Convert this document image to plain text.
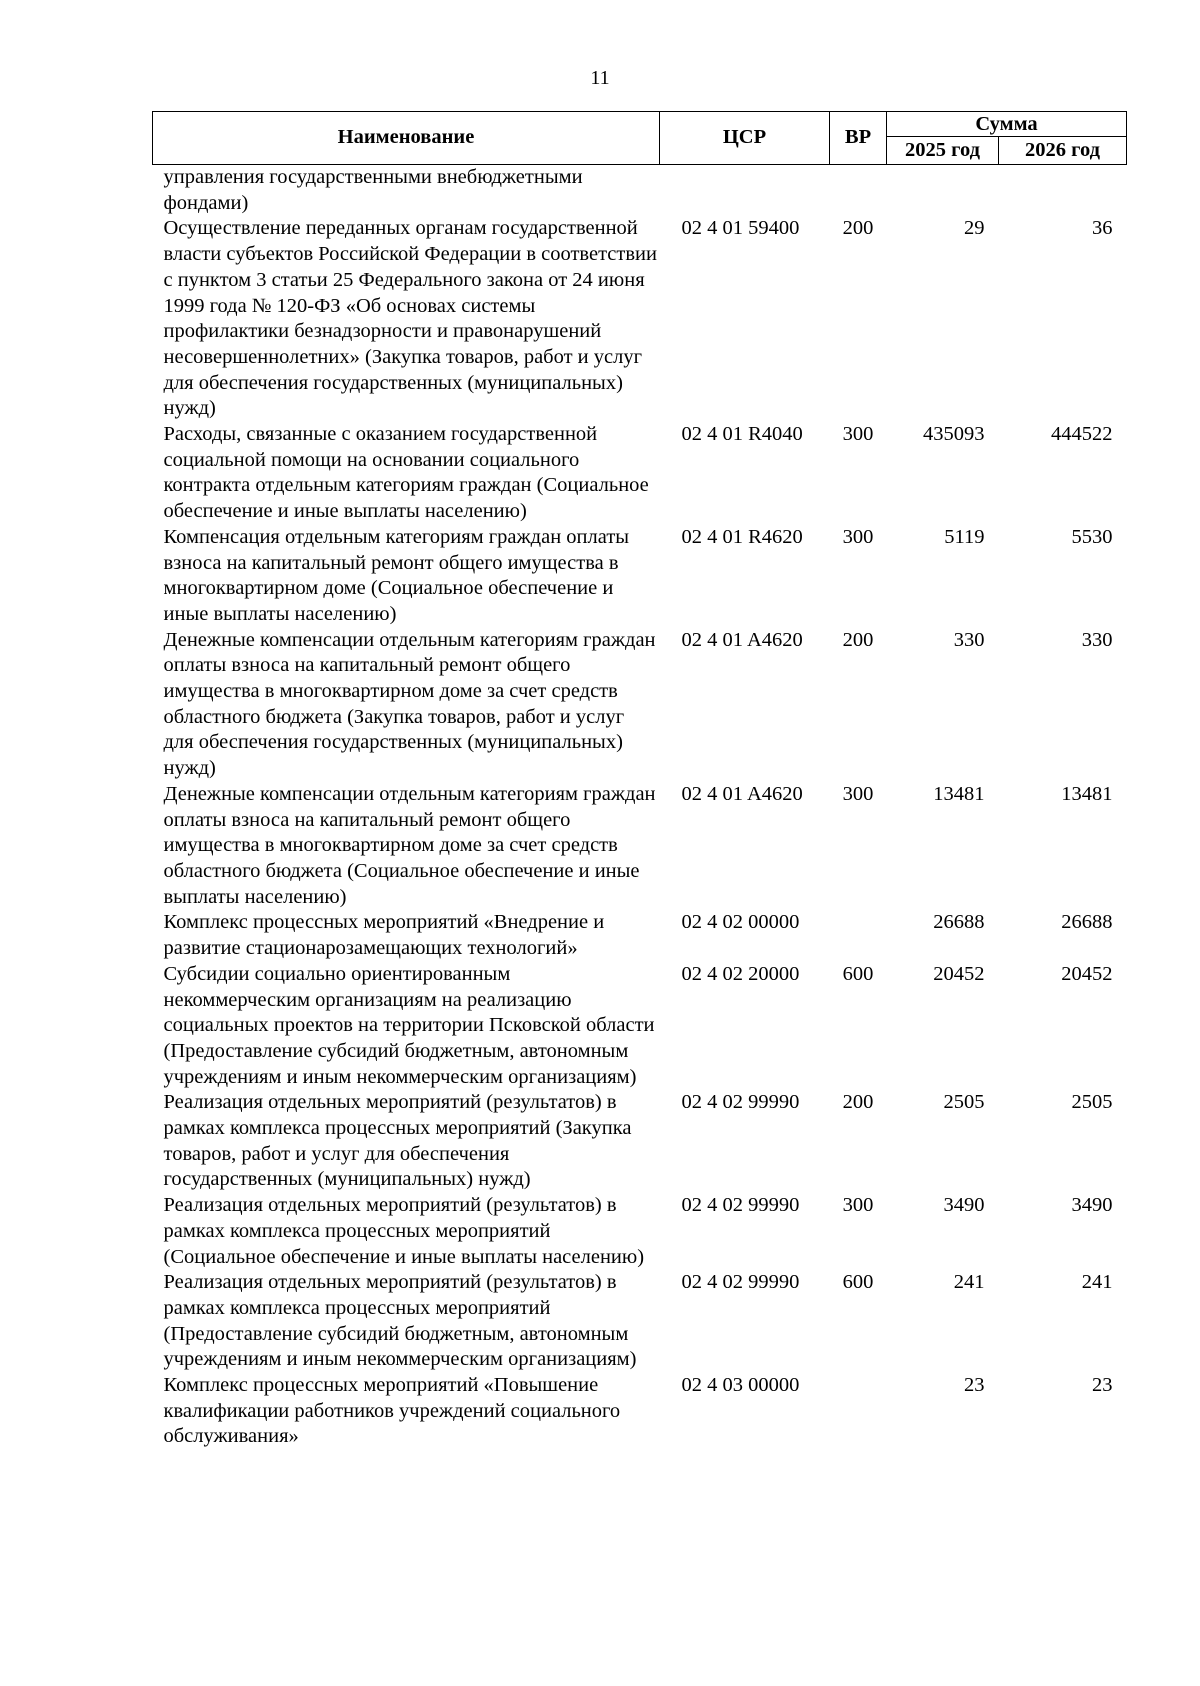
11
Наименование	ЦСР	ВР	Сумма	
			2025 год	2026 год
управления государственными внебюджетными фондами)				
Осуществление переданных органам государственной власти субъектов Российской Федерации в соответствии с пунктом 3 статьи 25 Федерального закона от 24 июня 1999 года № 120-ФЗ «Об основах системы профилактики безнадзорности и правонарушений несовершеннолетних» (Закупка товаров, работ и услуг для обеспечения государственных (муниципальных) нужд)	02 4 01 59400	200	29	36
Расходы, связанные с оказанием государственной социальной помощи на основании социального контракта отдельным категориям граждан (Социальное обеспечение и иные выплаты населению)	02 4 01 R4040	300	435093	444522
Компенсация отдельным категориям граждан оплаты взноса на капитальный ремонт общего имущества в многоквартирном доме (Социальное обеспечение и иные выплаты населению)	02 4 01 R4620	300	5119	5530
Денежные компенсации отдельным категориям граждан оплаты взноса на капитальный ремонт общего имущества в многоквартирном доме за счет средств областного бюджета (Закупка товаров, работ и услуг для обеспечения государственных (муниципальных) нужд)	02 4 01 A4620	200	330	330
Денежные компенсации отдельным категориям граждан оплаты взноса на капитальный ремонт общего имущества в многоквартирном доме за счет средств областного бюджета (Социальное обеспечение и иные выплаты населению)	02 4 01 A4620	300	13481	13481
Комплекс процессных мероприятий «Внедрение и развитие стационарозамещающих технологий»	02 4 02 00000		26688	26688
Субсидии социально ориентированным некоммерческим организациям на реализацию социальных проектов на территории Псковской области (Предоставление субсидий бюджетным, автономным учреждениям и иным некоммерческим организациям)	02 4 02 20000	600	20452	20452
Реализация отдельных мероприятий (результатов) в рамках комплекса процессных мероприятий (Закупка товаров, работ и услуг для обеспечения государственных (муниципальных) нужд)	02 4 02 99990	200	2505	2505
Реализация отдельных мероприятий (результатов) в рамках комплекса процессных мероприятий (Социальное обеспечение и иные выплаты населению)	02 4 02 99990	300	3490	3490
Реализация отдельных мероприятий (результатов) в рамках комплекса процессных мероприятий (Предоставление субсидий бюджетным, автономным учреждениям и иным некоммерческим организациям)	02 4 02 99990	600	241	241
Комплекс процессных мероприятий «Повышение квалификации работников учреждений социального обслуживания»	02 4 03 00000		23	23
